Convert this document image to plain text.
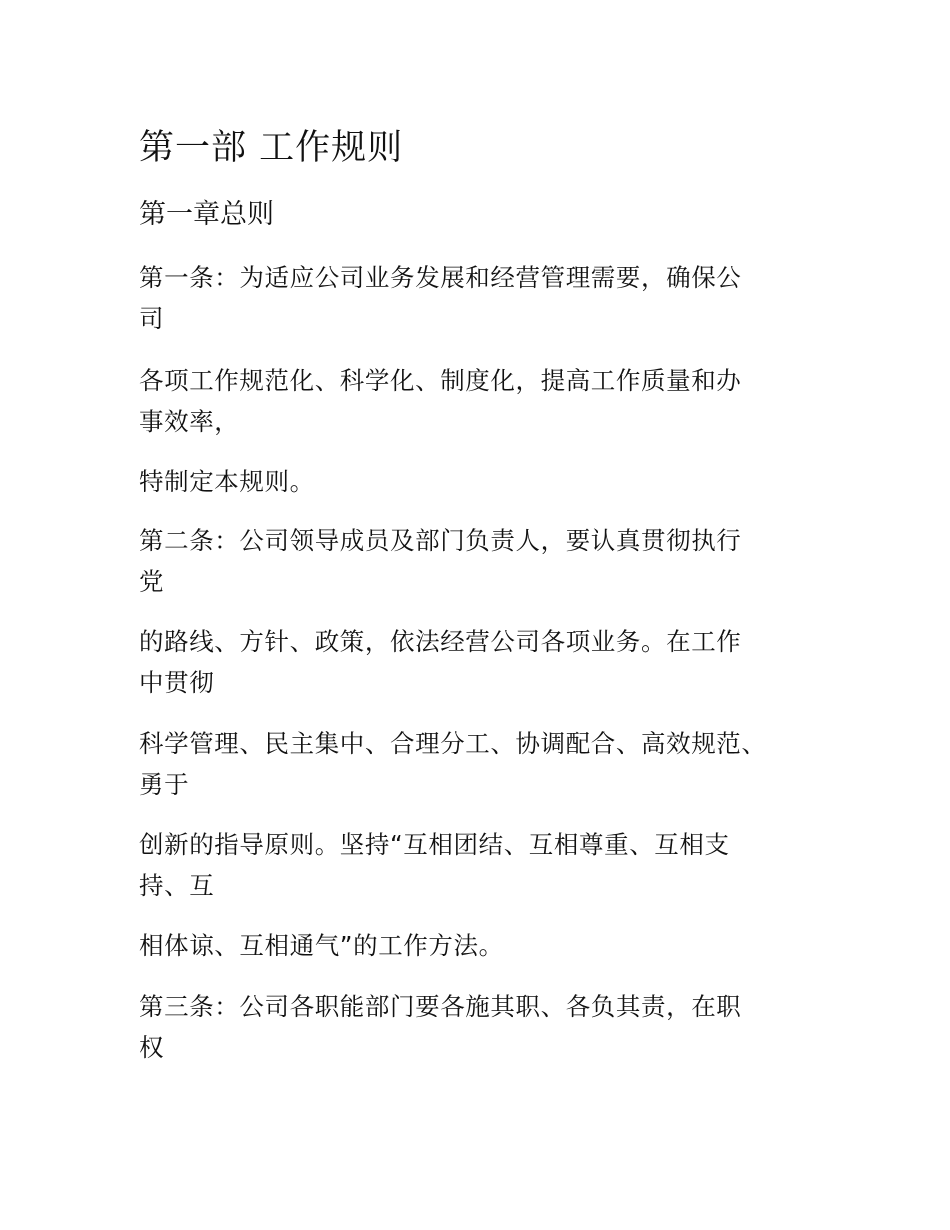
第一部 工作规则
第一章总则
第一条：为适应公司业务发展和经营管理需要，确保公
司
各项工作规范化、科学化、制度化，提高工作质量和办
事效率，
特制定本规则。
第二条：公司领导成员及部门负责人，要认真贯彻执行
党
的路线、方针、政策，依法经营公司各项业务。在工作
中贯彻
科学管理、民主集中、合理分工、协调配合、高效规范、
勇于
创新的指导原则。坚持“互相团结、互相尊重、互相支
持、互
相体谅、互相通气”的工作方法。
第三条：公司各职能部门要各施其职、各负其责，在职
权
